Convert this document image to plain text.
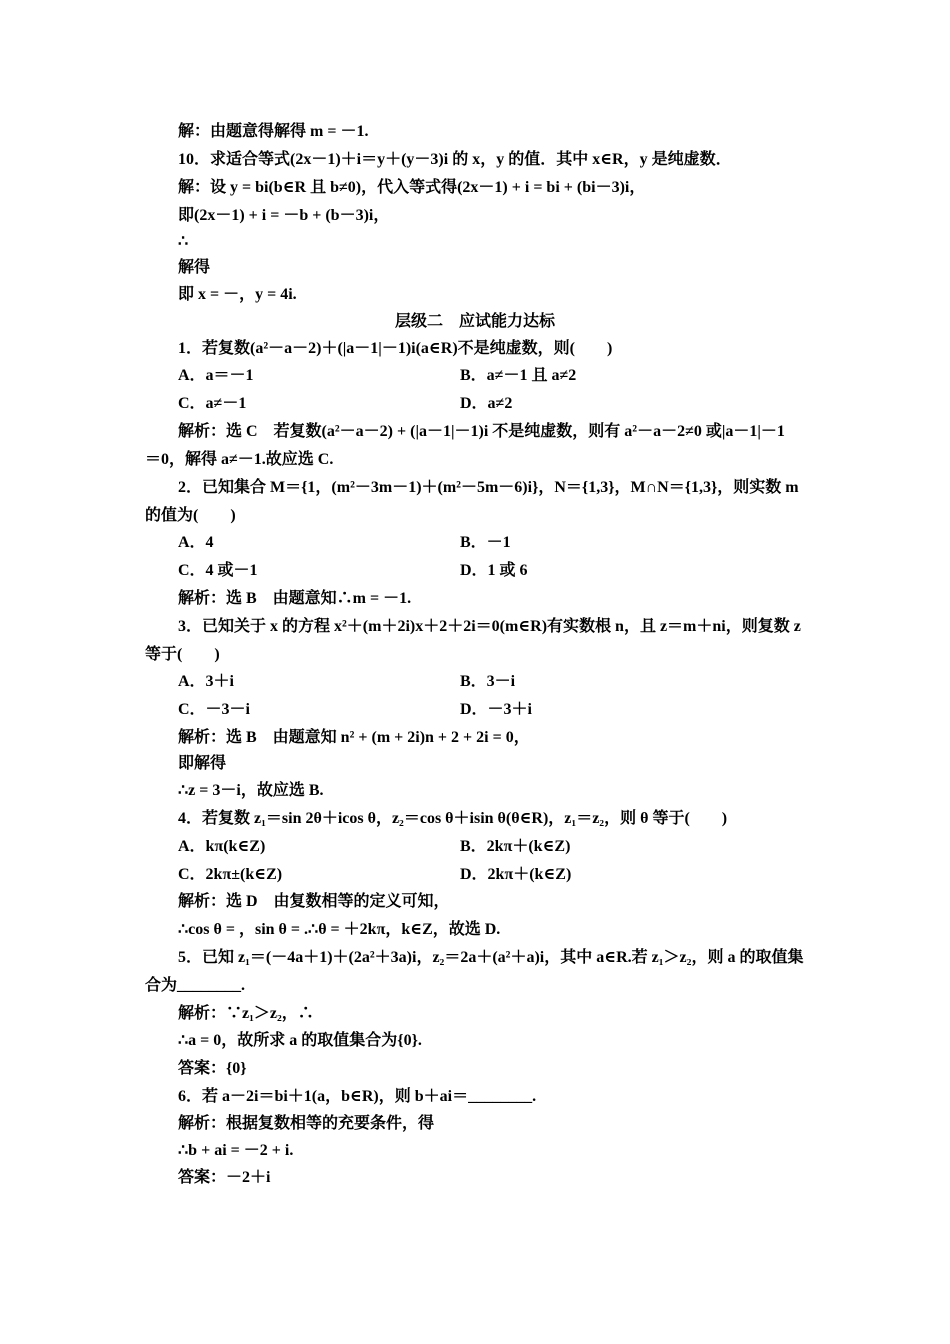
解：由题意得解得 m = －1.
10．求适合等式(2x－1)＋i＝y＋(y－3)i 的 x，y 的值．其中 x∈R，y 是纯虚数．
解：设 y = bi(b∈R 且 b≠0)，代入等式得(2x－1) + i = bi + (bi－3)i，
即(2x－1) + i = －b + (b－3)i，
∴
解得
即 x = －，y = 4i.
层级二　应试能力达标
1．若复数(a²－a－2)＋(|a－1|－1)i(a∈R)不是纯虚数，则(　　)
A．a＝－1	B．a≠－1 且 a≠2
C．a≠－1	D．a≠2
解析：选 C　若复数(a²－a－2) + (|a－1|－1)i 不是纯虚数，则有 a²－a－2≠0 或|a－1|－1
＝0，解得 a≠－1.故应选 C.
2．已知集合 M＝{1，(m²－3m－1)＋(m²－5m－6)i}，N＝{1,3}，M∩N＝{1,3}，则实数 m
的值为(　　)
A．4	B．－1
C．4 或－1	D．1 或 6
解析：选 B　由题意知∴m = －1.
3．已知关于 x 的方程 x²＋(m＋2i)x＋2＋2i＝0(m∈R)有实数根 n，且 z＝m＋ni，则复数 z
等于(　　)
A．3＋i	B．3－i
C．－3－i	D．－3＋i
解析：选 B　由题意知 n² + (m + 2i)n + 2 + 2i = 0，
即解得
∴z = 3－i，故应选 B.
4．若复数 z₁＝sin 2θ＋icos θ，z₂＝cos θ＋isin θ(θ∈R)，z₁＝z₂，则 θ 等于(　　)
A．kπ(k∈Z)	B．2kπ＋(k∈Z)
C．2kπ±(k∈Z)	D．2kπ＋(k∈Z)
解析：选 D　由复数相等的定义可知，
∴cos θ = ，sin θ = .∴θ = ＋2kπ，k∈Z，故选 D.
5．已知 z₁＝(－4a＋1)＋(2a²＋3a)i，z₂＝2a＋(a²＋a)i，其中 a∈R.若 z₁＞z₂，则 a 的取值集
合为________.
解析：∵z₁＞z₂，∴
∴a = 0，故所求 a 的取值集合为{0}.
答案：{0}
6．若 a－2i＝bi＋1(a，b∈R)，则 b＋ai＝________.
解析：根据复数相等的充要条件，得
∴b + ai = －2 + i.
答案：－2＋i
